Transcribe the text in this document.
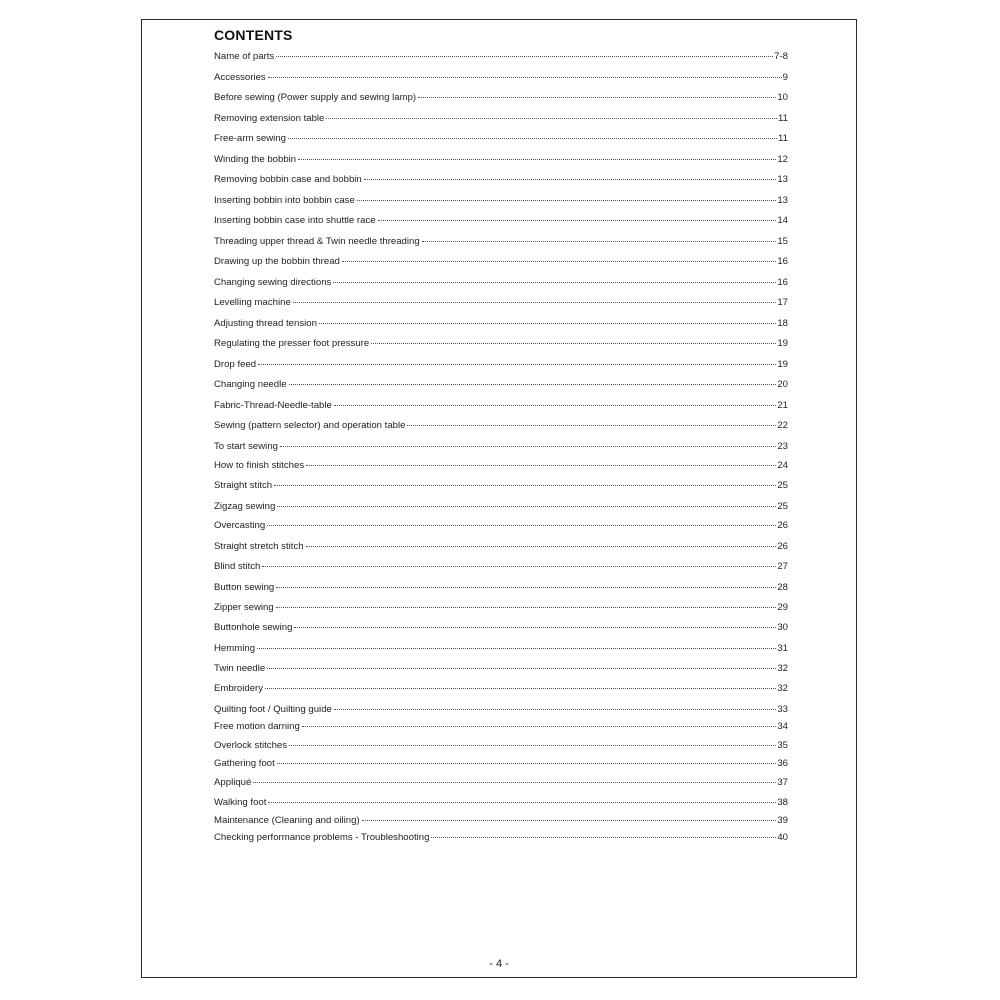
CONTENTS
Name of parts	7-8
Accessories	9
Before sewing (Power supply and sewing lamp)	10
Removing extension table	11
Free-arm sewing	11
Winding the bobbin	12
Removing bobbin case and bobbin	13
Inserting bobbin into bobbin case	13
Inserting bobbin case into shuttle race	14
Threading upper thread & Twin needle threading	15
Drawing up the bobbin thread	16
Changing sewing directions	16
Levelling machine	17
Adjusting thread tension	18
Regulating the presser foot pressure	19
Drop feed	19
Changing needle	20
Fabric-Thread-Needle-table	21
Sewing (pattern selector) and operation table	22
To start sewing	23
How to finish stitches	24
Straight stitch	25
Zigzag sewing	25
Overcasting	26
Straight stretch stitch	26
Blind stitch	27
Button sewing	28
Zipper sewing	29
Buttonhole sewing	30
Hemming	31
Twin needle	32
Embroidery	32
Quilting foot / Quilting guide	33
Free motion darning	34
Overlock stitches	35
Gathering foot	36
Appliqué	37
Walking foot	38
Maintenance (Cleaning and oiling)	39
Checking performance problems - Troubleshooting	40
- 4 -
